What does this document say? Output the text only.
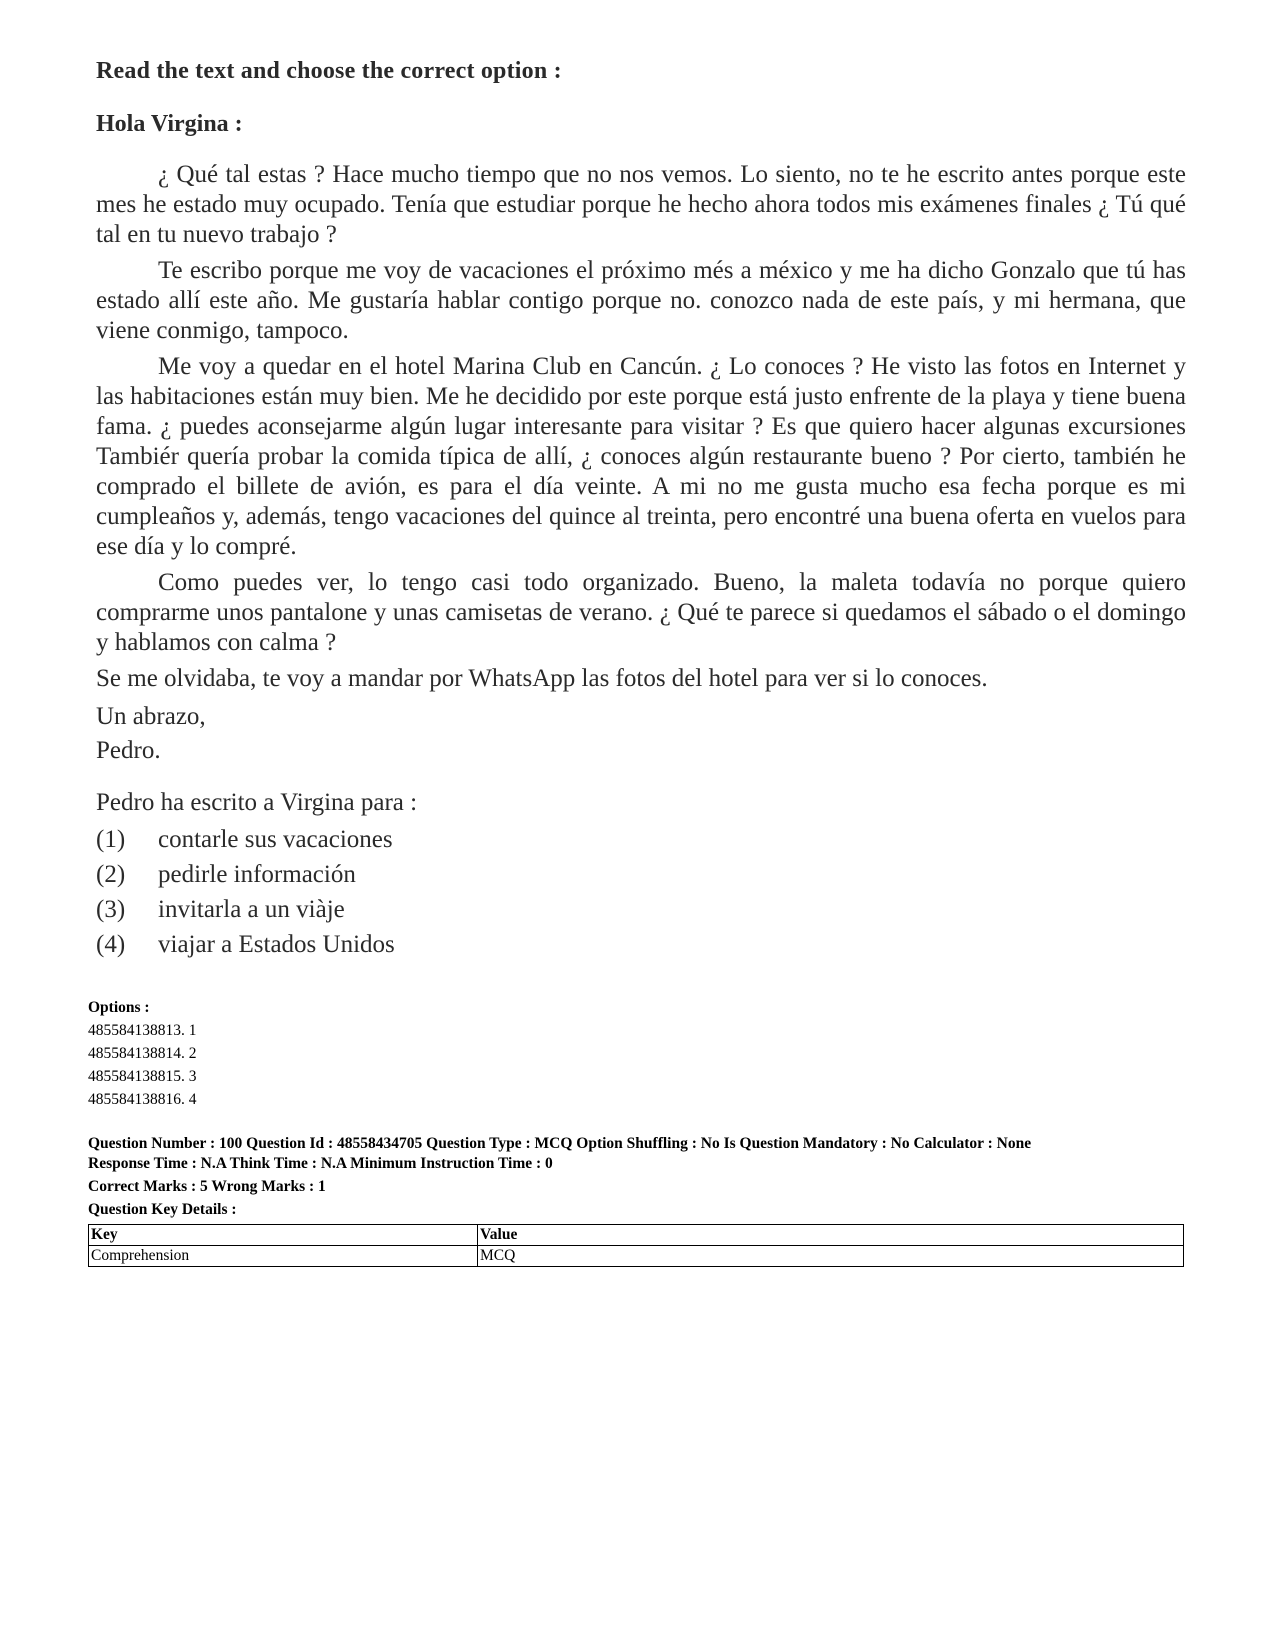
Read the text and choose the correct option :

Hola Virgina :

¿ Qué tal estas ? Hace mucho tiempo que no nos vemos. Lo siento, no te he escrito antes porque este mes he estado muy ocupado. Tenía que estudiar porque he hecho ahora todos mis exámenes finales ¿ Tú qué tal en tu nuevo trabajo ?

Te escribo porque me voy de vacaciones el próximo més a méxico y me ha dicho Gonzalo que tú has estado allí este año. Me gustaría hablar contigo porque no. conozco nada de este país, y mi hermana, que viene conmigo, tampoco.

Me voy a quedar en el hotel Marina Club en Cancún. ¿ Lo conoces ? He visto las fotos en Internet y las habitaciones están muy bien. Me he decidido por este porque está justo enfrente de la playa y tiene buena fama. ¿ puedes aconsejarme algún lugar interesante para visitar ? Es que quiero hacer algunas excursiones Tambiér quería probar la comida típica de allí, ¿ conoces algún restaurante bueno ? Por cierto, también he comprado el billete de avión, es para el día veinte. A mi no me gusta mucho esa fecha porque es mi cumpleaños y, además, tengo vacaciones del quince al treinta, pero encontré una buena oferta en vuelos para ese día y lo compré.

Como puedes ver, lo tengo casi todo organizado. Bueno, la maleta todavía no porque quiero comprarme unos pantalone y unas camisetas de verano. ¿ Qué te parece si quedamos el sábado o el domingo y hablamos con calma ?

Se me olvidaba, te voy a mandar por WhatsApp las fotos del hotel para ver si lo conoces.

Un abrazo,

Pedro.

Pedro ha escrito a Virgina para :

(1)	contarle sus vacaciones
(2)	pedirle información
(3)	invitarla a un viàje
(4)	viajar a Estados Unidos

Options :

485584138813. 1

485584138814. 2

485584138815. 3

485584138816. 4

Question Number : 100 Question Id : 48558434705 Question Type : MCQ Option Shuffling : No Is Question Mandatory : No Calculator : None

Response Time : N.A Think Time : N.A Minimum Instruction Time : 0

Correct Marks : 5 Wrong Marks : 1

Question Key Details :

Key	Value
Comprehension	MCQ
